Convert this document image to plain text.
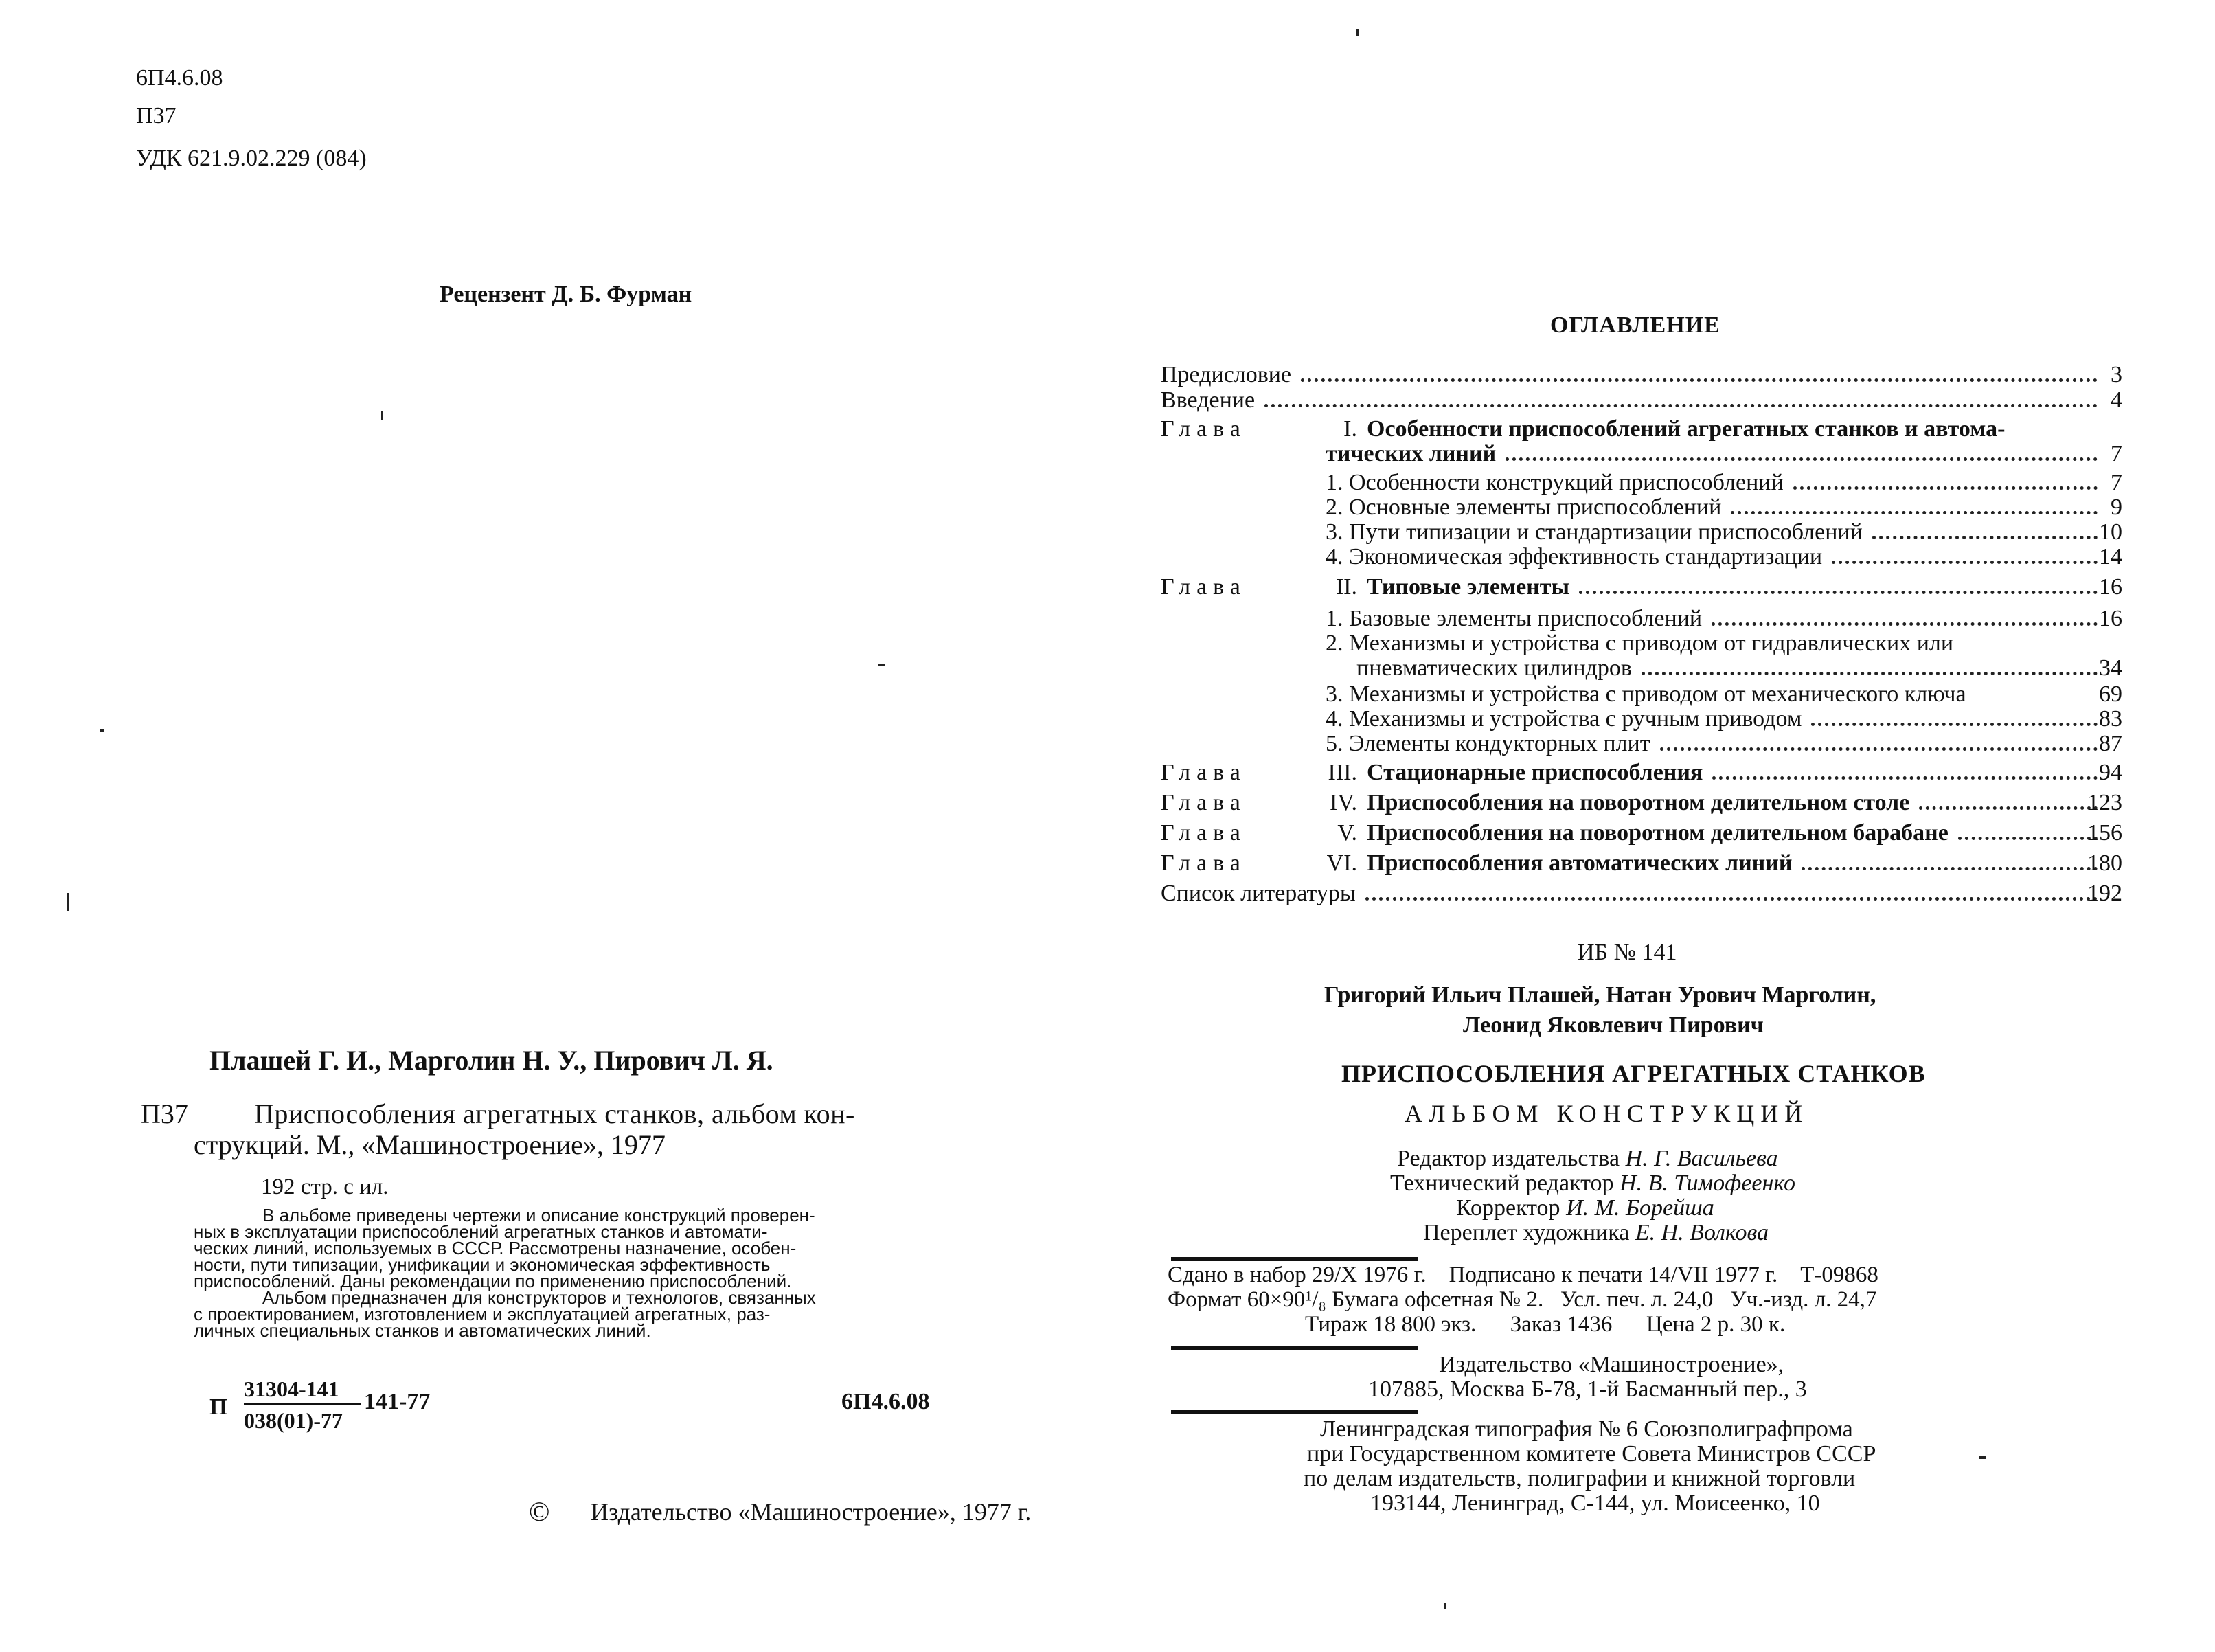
6П4.6.08
П37
УДК 621.9.02.229 (084)
Рецензент Д. Б. Фурман
Плашей Г. И., Марголин Н. У., Пирович Л. Я.
П37 Приспособления агрегатных станков, альбом кон-
струкций. М., «Машиностроение», 1977
192 стр. с ил.
В альбоме приведены чертежи и описание конструкций проверен-
ных в эксплуатации приспособлений агрегатных станков и автомати-
ческих линий, используемых в СССР. Рассмотрены назначение, особен-
ности, пути типизации, унификации и экономическая эффективность
приспособлений. Даны рекомендации по применению приспособлений.
Альбом предназначен для конструкторов и технологов, связанных
с проектированием, изготовлением и эксплуатацией агрегатных, раз-
личных специальных станков и автоматических линий.
П
31304-141
038(01)-77
141-77	6П4.6.08
© Издательство «Машиностроение», 1977 г.
ОГЛАВЛЕНИЕ
Предисловие	3
Введение	4
Глава	I. Особенности приспособлений агрегатных станков и автома-
тических линий	7
1. Особенности конструкций приспособлений	7
2. Основные элементы приспособлений	9
3. Пути типизации и стандартизации приспособлений	10
4. Экономическая эффективность стандартизации	14
Глава	II. Типовые элементы	16
1. Базовые элементы приспособлений	16
2. Механизмы и устройства с приводом от гидравлических или
пневматических цилиндров	34
3. Механизмы и устройства с приводом от механического ключа	69
4. Механизмы и устройства с ручным приводом	83
5. Элементы кондукторных плит	87
Глава	III. Стационарные приспособления	94
Глава	IV. Приспособления на поворотном делительном столе	123
Глава	V. Приспособления на поворотном делительном барабане	156
Глава	VI. Приспособления автоматических линий	180
Список литературы	192
ИБ № 141
Григорий Ильич Плашей, Натан Урович Марголин,
Леонид Яковлевич Пирович
ПРИСПОСОБЛЕНИЯ АГРЕГАТНЫХ СТАНКОВ
АЛЬБОМ КОНСТРУКЦИЙ
Редактор издательства Н. Г. Васильева
Технический редактор Н. В. Тимофеенко
Корректор И. М. Борейша
Переплет художника Е. Н. Волкова
Сдано в набор 29/X 1976 г.    Подписано к печати 14/VII 1977 г.    Т-09868
Формат 60×90¹/₈ Бумага офсетная № 2.   Усл. печ. л. 24,0   Уч.-изд. л. 24,7
Тираж 18 800 экз.      Заказ 1436      Цена 2 р. 30 к.
Издательство «Машиностроение»,
107885, Москва Б-78, 1-й Басманный пер., 3
Ленинградская типография № 6 Союзполиграфпрома
при Государственном комитете Совета Министров СССР
по делам издательств, полиграфии и книжной торговли
193144, Ленинград, С-144, ул. Моисеенко, 10
